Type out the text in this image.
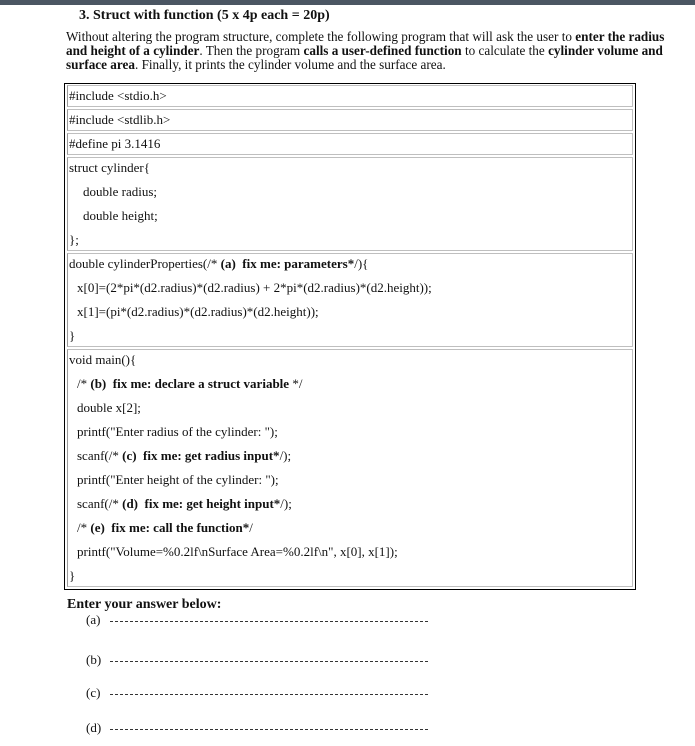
3. Struct with function (5 x 4p each = 20p)
Without altering the program structure, complete the following program that will ask the user to enter the radius and height of a cylinder. Then the program calls a user-defined function to calculate the cylinder volume and surface area. Finally, it prints the cylinder volume and the surface area.
#include <stdio.h>
#include <stdlib.h>
#define pi 3.1416
struct cylinder{
double radius;
double height;
};
double cylinderProperties(/* (a)  fix me: parameters*/){
x[0]=(2*pi*(d2.radius)*(d2.radius) + 2*pi*(d2.radius)*(d2.height));
x[1]=(pi*(d2.radius)*(d2.radius)*(d2.height));
}
void main(){
/* (b)  fix me: declare a struct variable */
double x[2];
printf("Enter radius of the cylinder: ");
scanf(/* (c)  fix me: get radius input*/);
printf("Enter height of the cylinder: ");
scanf(/* (d)  fix me: get height input*/);
/* (e)  fix me: call the function*/
printf("Volume=%0.2lf\nSurface Area=%0.2lf\n", x[0], x[1]);
}
Enter your answer below:
(a)
(b)
(c)
(d)
